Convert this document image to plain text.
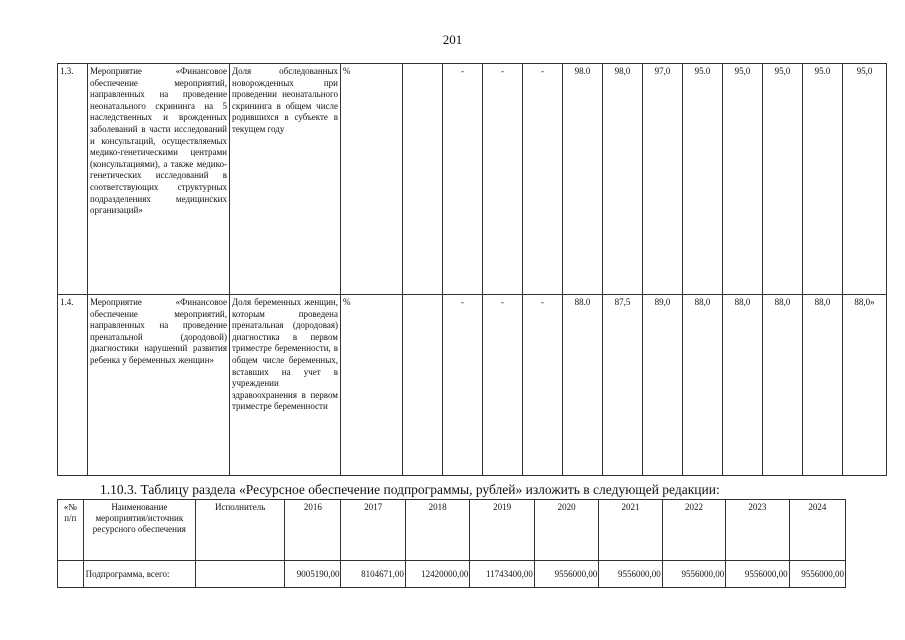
201
1.3.	Мероприятие «Финансовое обеспечение мероприятий, направленных на проведение неонатального скрининга на 5 наследственных и врожденных заболеваний в части исследований и консультаций, осуществляемых медико-генетическими центрами (консультациями), а также медико-генетических исследований в соответствующих структурных подразделениях медицинских организаций»	Доля обследованных новорожденных при проведении неонатального скрининга в общем числе родившихся в субъекте в текущем году	%		-	-	-	98.0	98,0	97,0	95.0	95,0	95,0	95.0	95,0
1.4.	Мероприятие «Финансовое обеспечение мероприятий, направленных на проведение пренатальной (дородовой) диагностики нарушений развития ребенка у беременных женщин»	Доля беременных женщин, которым проведена пренатальная (дородовая) диагностика в первом триместре беременности, в общем числе беременных, вставших на учет в учреждении здравоохранения в первом триместре беременности	%		-	-	-	88.0	87,5	89,0	88,0	88,0	88,0	88,0	88,0»
1.10.3. Таблицу раздела «Ресурсное обеспечение подпрограммы, рублей» изложить в следующей редакции:
«№ п/п	Наименование мероприятия/источник ресурсного обеспечения	Исполнитель	2016	2017	2018	2019	2020	2021	2022	2023	2024
	Подпрограмма, всего:		9005190,00	8104671,00	12420000,00	11743400,00	9556000,00	9556000,00	9556000,00	9556000,00	9556000,00
